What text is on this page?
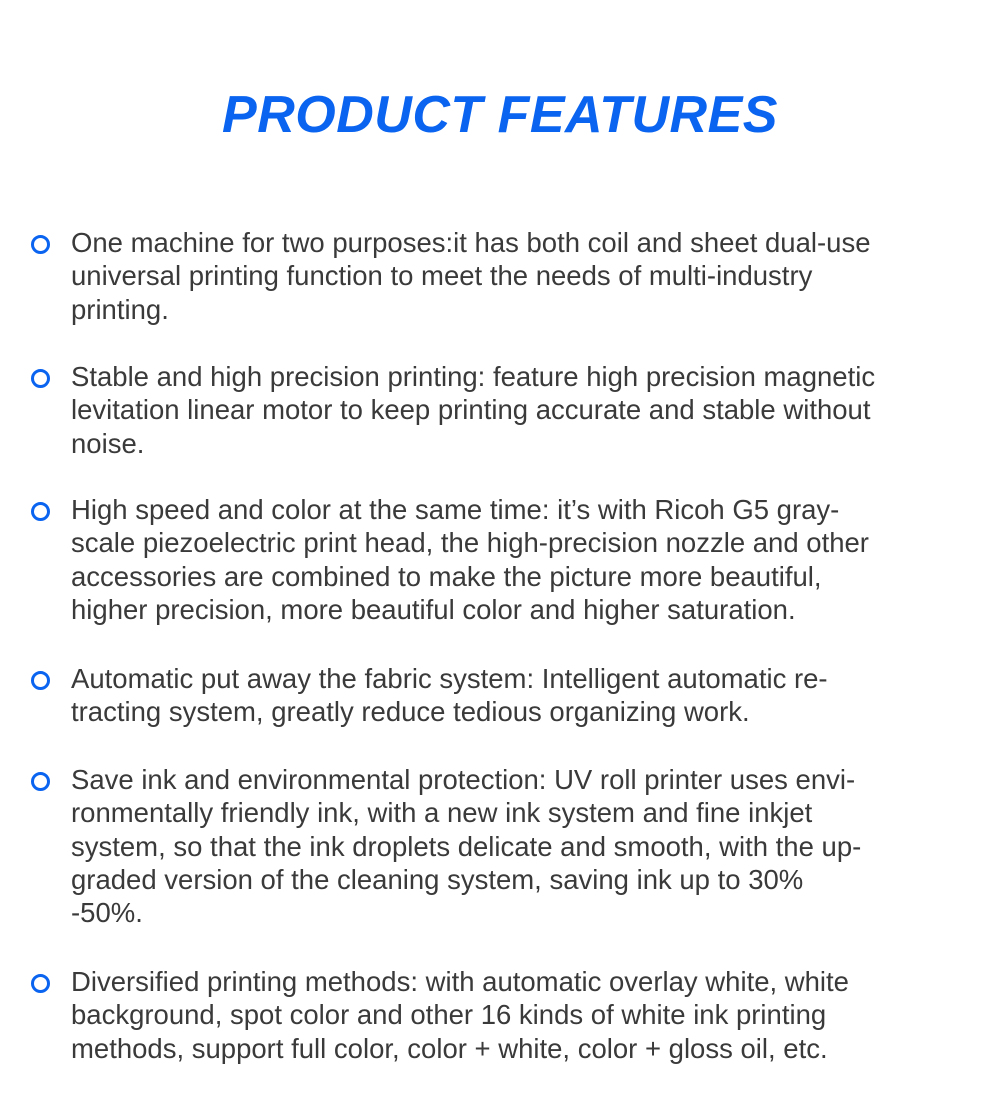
PRODUCT FEATURES

One machine for two purposes:it has both coil and sheet dual-use
universal printing function to meet the needs of multi-industry
printing.

Stable and high precision printing: feature high precision magnetic
levitation linear motor to keep printing accurate and stable without
noise.

High speed and color at the same time: it’s with Ricoh G5 gray-
scale piezoelectric print head, the high-precision nozzle and other
accessories are combined to make the picture more beautiful,
higher precision, more beautiful color and higher saturation.

Automatic put away the fabric system: Intelligent automatic re-
tracting system, greatly reduce tedious organizing work.

Save ink and environmental protection: UV roll printer uses envi-
ronmentally friendly ink, with a new ink system and fine inkjet
system, so that the ink droplets delicate and smooth, with the up-
graded version of the cleaning system, saving ink up to 30%
-50%.

Diversified printing methods: with automatic overlay white, white
background, spot color and other 16 kinds of white ink printing
methods, support full color, color + white, color + gloss oil, etc.
